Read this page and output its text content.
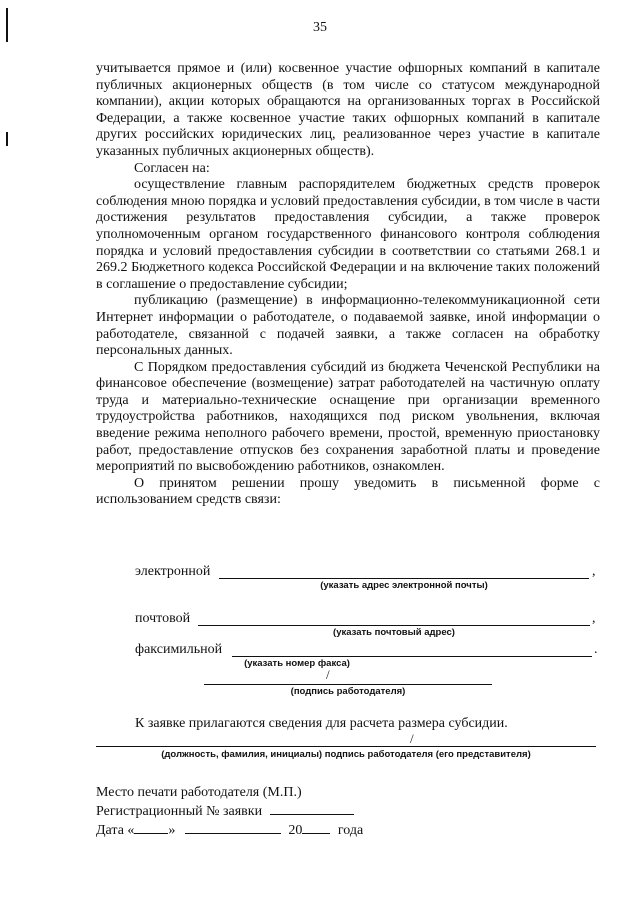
35

учитывается прямое и (или) косвенное участие офшорных компаний в капитале публичных акционерных обществ (в том числе со статусом международной компании), акции которых обращаются на организованных торгах в Российской Федерации, а также косвенное участие таких офшорных компаний в капитале других российских юридических лиц, реализованное через участие в капитале указанных публичных акционерных обществ).

Согласен на:

осуществление главным распорядителем бюджетных средств проверок соблюдения мною порядка и условий предоставления субсидии, в том числе в части достижения результатов предоставления субсидии, а также проверок уполномоченным органом государственного финансового контроля соблюдения порядка и условий предоставления субсидии в соответствии со статьями 268.1 и 269.2 Бюджетного кодекса Российской Федерации и на включение таких положений в соглашение о предоставление субсидии;

публикацию (размещение) в информационно-телекоммуникационной сети Интернет информации о работодателе, о подаваемой заявке, иной информации о работодателе, связанной с подачей заявки, а также согласен на обработку персональных данных.

С Порядком предоставления субсидий из бюджета Чеченской Республики на финансовое обеспечение (возмещение) затрат работодателей на частичную оплату труда и материально-технические оснащение при организации временного трудоустройства работников, находящихся под риском увольнения, включая введение режима неполного рабочего времени, простой, временную приостановку работ, предоставление отпусков без сохранения заработной платы и проведение мероприятий по высвобождению работников, ознакомлен.

О принятом решении прошу уведомить в письменной форме с использованием средств связи:

электронной	,
(указать адрес электронной почты)
почтовой	,
(указать почтовый адрес)
факсимильной	.
(указать номер факса)
/
(подпись работодателя)
К заявке прилагаются сведения для расчета размера субсидии.
/
(должность, фамилия, инициалы) подпись работодателя (его представителя)
Место печати работодателя (М.П.)
Регистрационный № заявки
Дата « »	20	года
